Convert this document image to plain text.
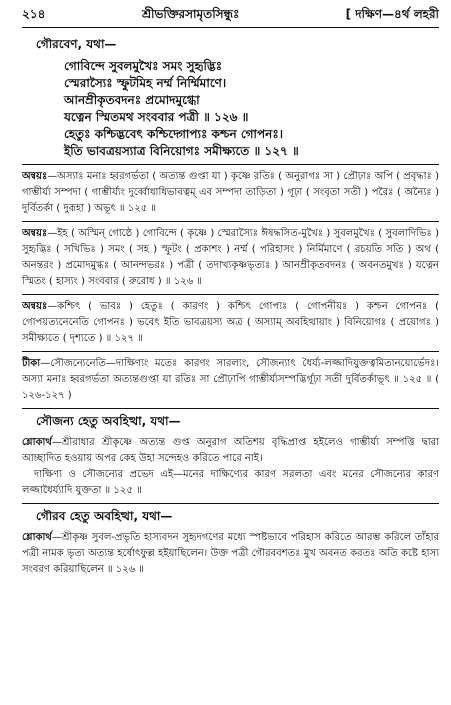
২১৪	শ্রীভক্তিরসামৃতসিন্ধুঃ	[ দক্ষিণ—৪র্থ লহরী
গৌরবেণ, যথা—
গোবিন্দে সুবলমুখৈঃ সমং সুহৃদ্ভিঃ
স্মেরাস্যৈঃ স্ফুটমিহ নর্ম্ম নির্ম্মিমাণে।
আনম্রীকৃতবদনঃ প্রমোদমুগ্ধো
যত্নেন স্মিতমথ সংববার পত্রী ॥ ১২৬ ॥
হেতুঃ কশ্চিদ্ভবেৎ কশ্চিদ্গোপ্যঃ কশ্চন গোপনঃ।
ইতি ভাবত্রয়স্যাত্র বিনিয়োগঃ সমীক্ষ্যতে ॥ ১২৭ ॥

অন্বয়ঃ—অস্যাঃ মনাঃ হ্বরগর্ভতা ( অত্যন্ত গুপ্তা যা ) কৃষ্ণে রতিঃ ( অনুরাগঃ সা ) প্রৌঢ়াঃ অপি ( প্রবৃদ্ধাঃ ) গাম্ভীর্য্য সম্পদা ( গাম্ভীর্য্যং দুর্ব্বোধাধিভাবত্বম্ এব সম্পদা তাড়িতা ) গূঢ়া ( সংবৃতা সতী ) পরৈঃ ( অন্যৈঃ ) দুর্বিতর্কা ( দুরূহা ) অভূৎ ॥ ১২৫ ॥

অন্বয়ঃ—ইহ ( অস্মিন্ গোষ্ঠে ) গোবিন্দে ( কৃষ্ণে ) স্মেরাস্যৈঃ ঈষদ্ধসিত-মুখৈঃ ) সুবলমুখৈঃ ( সুবলাদিভিঃ ) সুহৃদ্ভিঃ ( সখিভিঃ ) সমং ( সহ ) স্ফুটং ( প্রকাশং ) নর্ম্ম ( পরিহাসং ) নির্মিমাণে ( রচয়তি সতি ) অথ ( অনন্তরং ) প্রমোদমুগ্ধঃ ( আনন্দভরঃ ) পত্রী ( তদাখ্যকৃষ্ণভৃত্যঃ ) আনম্রীকৃতবদনঃ ( অবনতমুখঃ ) যত্নেন স্মিতং ( হাস্যং ) সংববার ( রুরোধ ) ॥ ১২৬ ॥

অন্বয়ঃ—কশ্চিৎ ( ভাবঃ ) হেতুঃ ( কারণং ) কশ্চিৎ গোপ্যঃ ( গোপনীয়ঃ ) কশ্চন গোপনঃ ( গোপয়ত্যনেনেতি গোপনঃ ) ভবেৎ ইতি ভাবত্রয়স্য অত্র ( অস্যাম্ অবহিত্থায়াং ) বিনিয়োগঃ ( প্রয়োগঃ ) সমীক্ষ্যতে ( দৃশ্যতে ) ॥ ১২৭ ॥

টীকা—সৌজন্যেনেতি—দাক্ষিণ্যং মতেঃ কারণং সারল্যং, সৌজন্যাৎ ধৈর্য্য-লজ্জাদিযুক্তত্বমিতানয়োর্ভেদঃ। অস্যা মনাঃ হ্বরগর্ভতা অত্যন্তগুপ্তা যা রতিঃ সা প্রৌঢ়াপি গাম্ভীর্য্যসম্পদ্ভির্গূঢ়া সতী দুর্বিতর্কাভূৎ ॥ ১২৫ ॥ ( ১২৬-১২৭ )

সৌজন্য হেতু অবহিত্থা, যথা—

শ্লোকার্থ—শ্রীরাধার শ্রীকৃষ্ণে অত্যন্ত গুপ্ত অনুরাগ অতিশয় বৃদ্ধিপ্রাপ্ত হইলেও গাম্ভীর্য্য সম্পত্তি দ্বারা আচ্ছাদিত হওয়ায় অপর কেহ উহা সন্দেহও করিতে পারে নাই।

দাক্ষিণ্য ও সৌজন্যের প্রভেদ এই—মনের দাক্ষিণ্যের কারণ সরলতা এবং মনের সৌজন্যের কারণ লজ্জাধৈর্য্যাদি যুক্ততা ॥ ১২৫ ॥

গৌরব হেতু অবহিত্থা, যথা—

শ্লোকার্থ—শ্রীকৃষ্ণ সুবল-প্রভৃতি হাস্যবদন সুহৃদগণের মধ্যে স্পষ্টভাবে পরিহাস করিতে আরম্ভ করিলে তাঁহার পত্রী নামক ভৃত্য অত্যন্ত হর্ষোৎফুল্ল হইয়াছিলেন। উক্ত পত্রী গৌরববশতঃ মুখ অবনত করতঃ অতি কষ্টে হাস্য সংবরণ করিয়াছিলেন ॥ ১২৬ ॥
